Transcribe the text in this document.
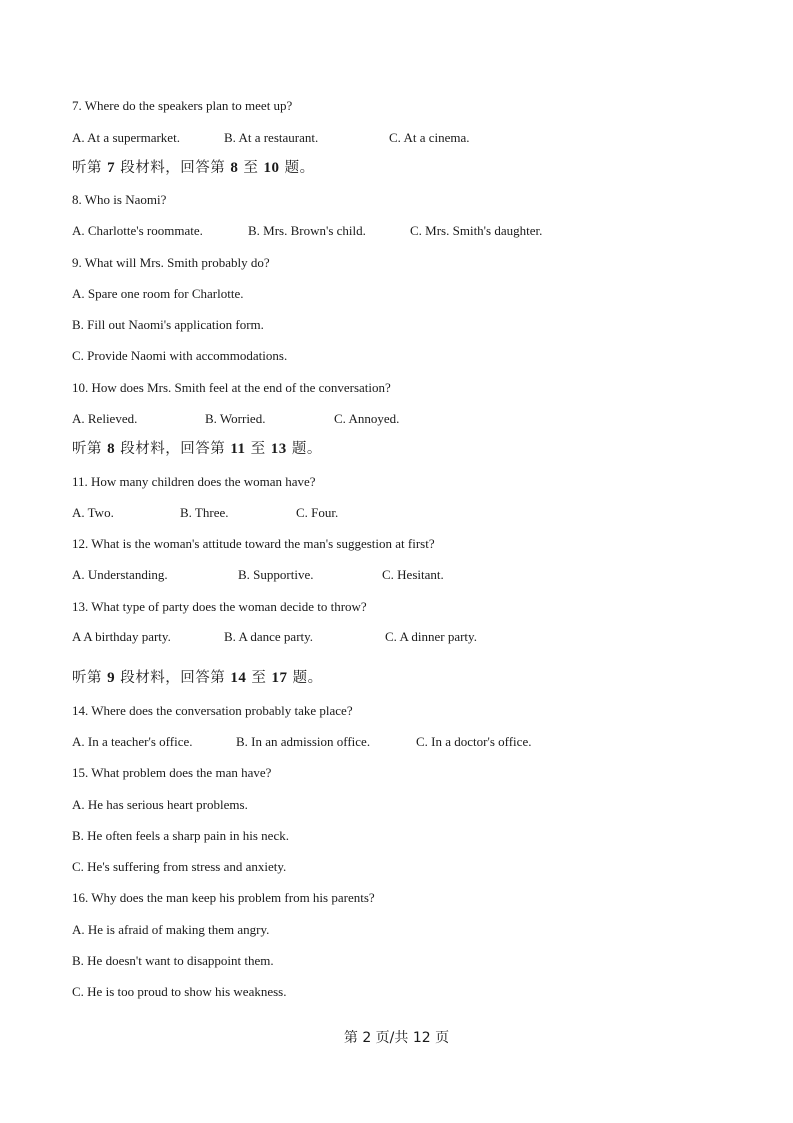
7. Where do the speakers plan to meet up?
A. At a supermarket.	B. At a restaurant.	C. At a cinema.
听第 7 段材料，回答第 8 至 10 题。
8. Who is Naomi?
A. Charlotte's roommate.	B. Mrs. Brown's child.	C. Mrs. Smith's daughter.
9. What will Mrs. Smith probably do?
A. Spare one room for Charlotte.
B. Fill out Naomi's application form.
C. Provide Naomi with accommodations.
10. How does Mrs. Smith feel at the end of the conversation?
A. Relieved.	B. Worried.	C. Annoyed.
听第 8 段材料，回答第 11 至 13 题。
11. How many children does the woman have?
A. Two.	B. Three.	C. Four.
12. What is the woman's attitude toward the man's suggestion at first?
A. Understanding.	B. Supportive.	C. Hesitant.
13. What type of party does the woman decide to throw?
A A birthday party.	B. A dance party.	C. A dinner party.
听第 9 段材料，回答第 14 至 17 题。
14. Where does the conversation probably take place?
A. In a teacher's office.	B. In an admission office.	C. In a doctor's office.
15. What problem does the man have?
A. He has serious heart problems.
B. He often feels a sharp pain in his neck.
C. He's suffering from stress and anxiety.
16. Why does the man keep his problem from his parents?
A. He is afraid of making them angry.
B. He doesn't want to disappoint them.
C. He is too proud to show his weakness.
第 2 页/共 12 页
